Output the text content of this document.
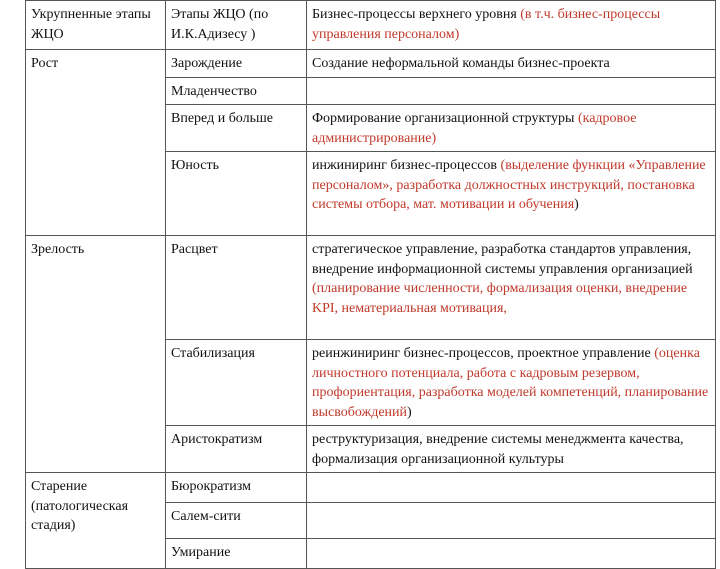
Укрупненные этапы ЖЦО	Этапы ЖЦО (по И.К.Адизесу )	Бизнес-процессы верхнего уровня (в т.ч. бизнес-процессы управления персоналом)
Рост	Зарождение	Создание неформальной команды бизнес-проекта
	Младенчество	
	Вперед и больше	Формирование организационной структуры (кадровое администрирование)
	Юность	инжиниринг бизнес-процессов (выделение функции «Управление персоналом», разработка должностных инструкций, постановка системы отбора, мат. мотивации и обучения)
Зрелость	Расцвет	стратегическое управление, разработка стандартов управления, внедрение информационной системы управления организацией (планирование численности, формализация оценки, внедрение KPI, нематериальная мотивация,
	Стабилизация	реинжиниринг бизнес-процессов, проектное управление (оценка личностного потенциала, работа с кадровым резервом, профориентация, разработка моделей компетенций, планирование высвобождений)
	Аристократизм	реструктуризация, внедрение системы менеджмента качества, формализация организационной культуры
Старение (патологическая стадия)	Бюрократизм	
	Салем-сити	
	Умирание	
